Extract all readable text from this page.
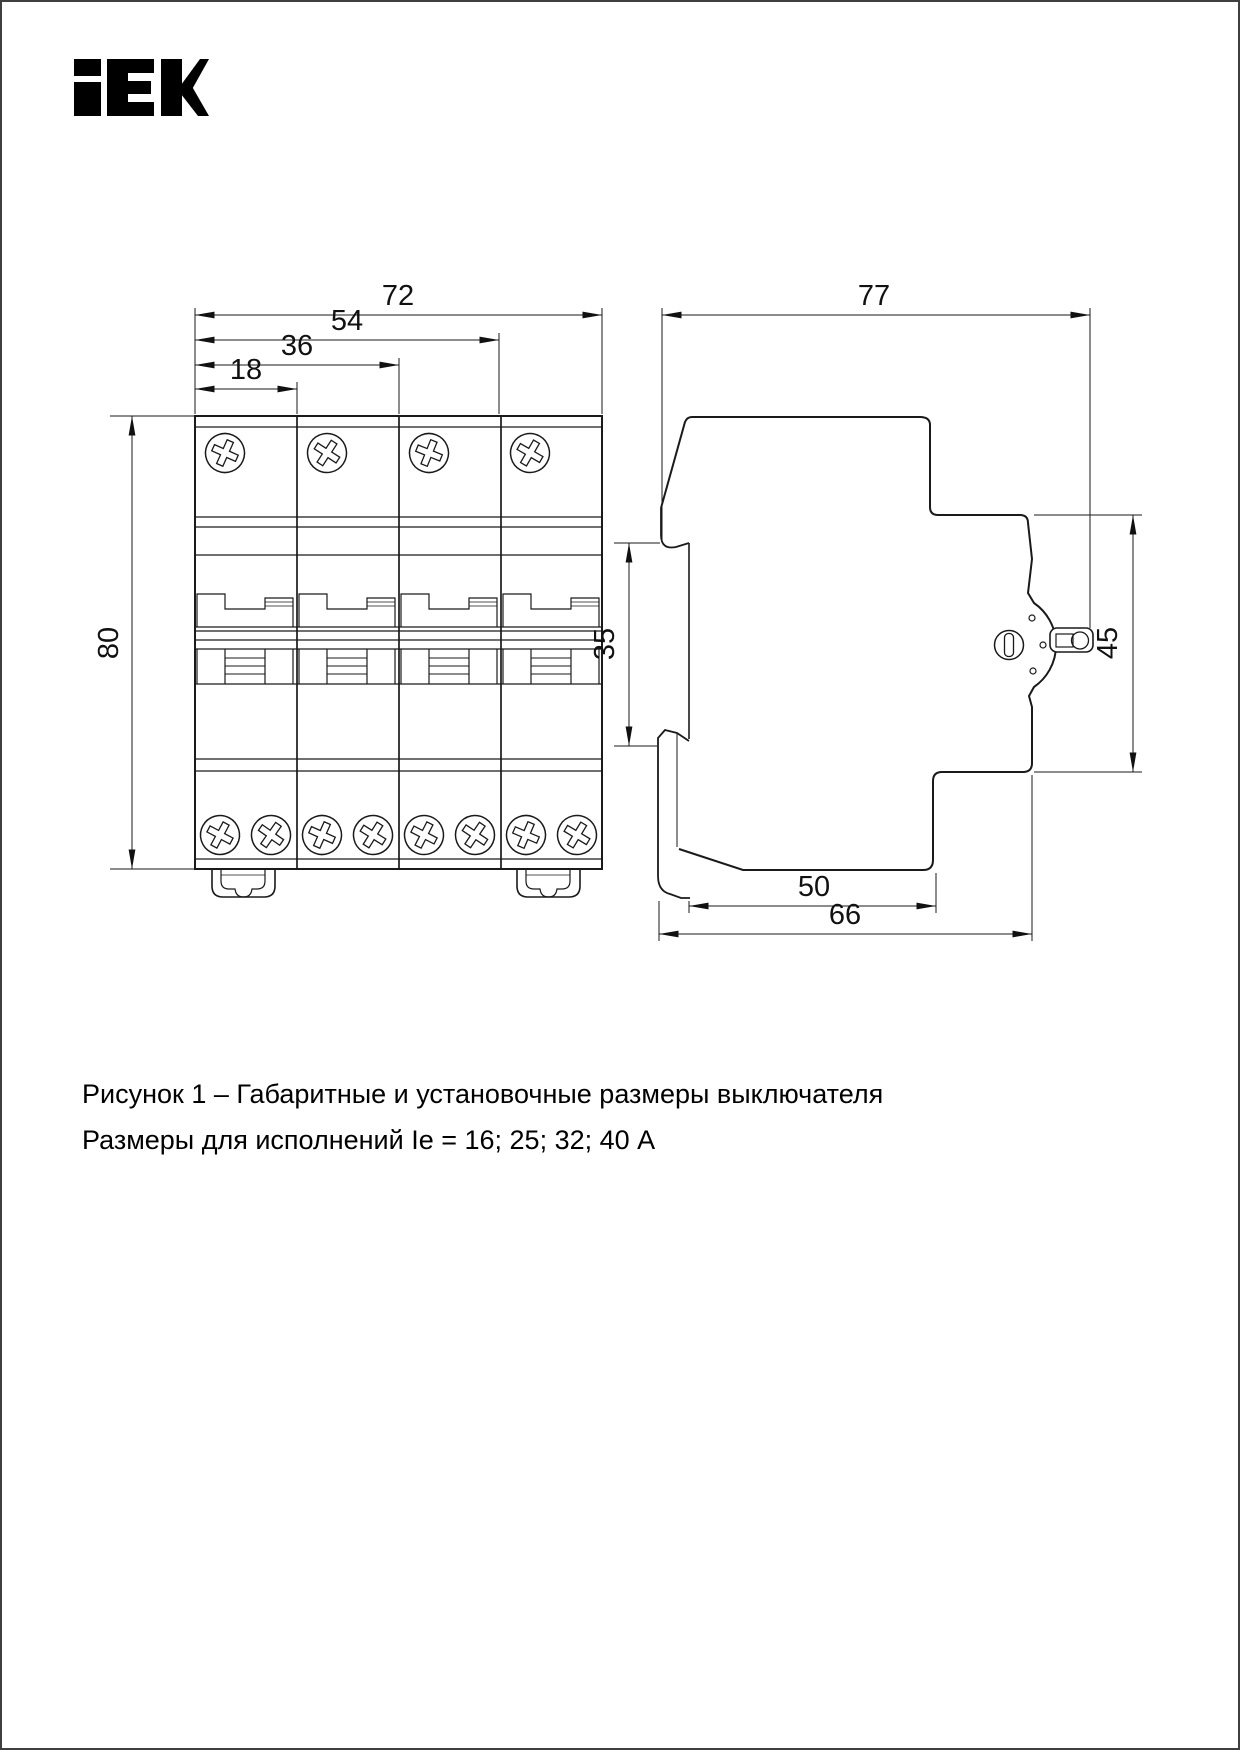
72
54
36
18
80
77
45
35
50
66
Рисунок 1 – Габаритные и установочные размеры выключателя
Размеры для исполнений Ie = 16; 25; 32; 40 А
